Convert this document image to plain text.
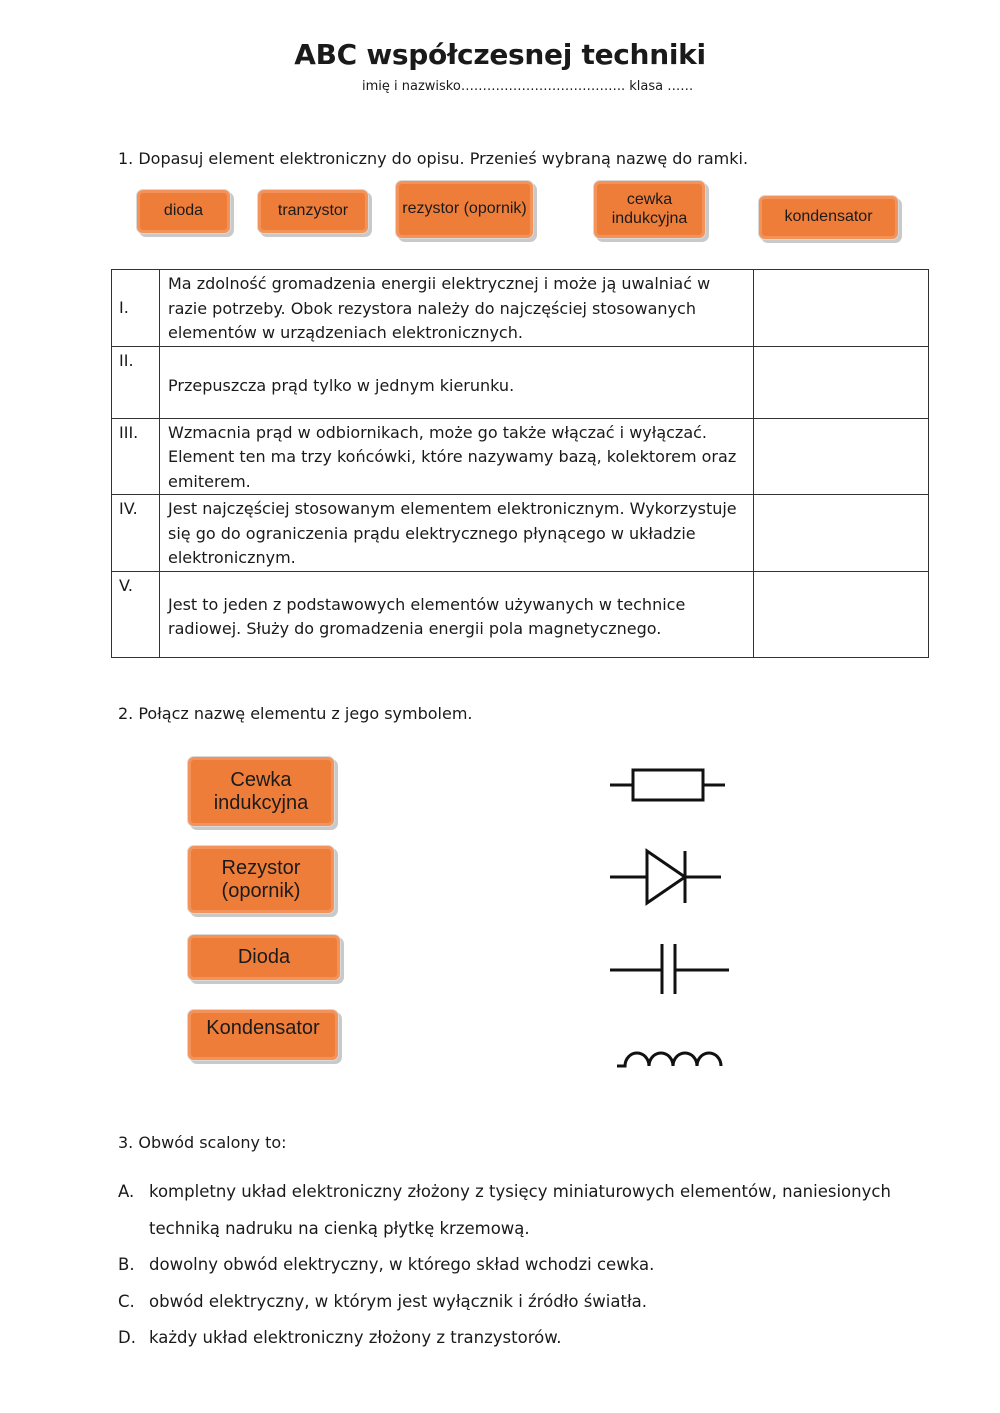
ABC współczesnej techniki
imię i nazwisko……………………………….. klasa ……
1. Dopasuj element elektroniczny do opisu. Przenieś wybraną nazwę do ramki.
dioda	tranzystor	rezystor (opornik)
cewka indukcyjna	kondensator
I.	Ma zdolność gromadzenia energii elektrycznej i może ją uwalniać w razie potrzeby. Obok rezystora należy do najczęściej stosowanych elementów w urządzeniach elektronicznych.	
II.	Przepuszcza prąd tylko w jednym kierunku.	
III.	Wzmacnia prąd w odbiornikach, może go także włączać i wyłączać. Element ten ma trzy końcówki, które nazywamy bazą, kolektorem oraz emiterem.	
IV.	Jest najczęściej stosowanym elementem elektronicznym. Wykorzystuje się go do ograniczenia prądu elektrycznego płynącego w układzie elektronicznym.	
V.	Jest to jeden z podstawowych elementów używanych w technice radiowej. Służy do gromadzenia energii pola magnetycznego.	
2. Połącz nazwę elementu z jego symbolem.
Cewka indukcyjna
Rezystor (opornik)
Dioda
Kondensator
3. Obwód scalony to:
A. kompletny układ elektroniczny złożony z tysięcy miniaturowych elementów, naniesionych techniką nadruku na cienką płytkę krzemową.
B. dowolny obwód elektryczny, w którego skład wchodzi cewka.
C. obwód elektryczny, w którym jest wyłącznik i źródło światła.
D. każdy układ elektroniczny złożony z tranzystorów.
